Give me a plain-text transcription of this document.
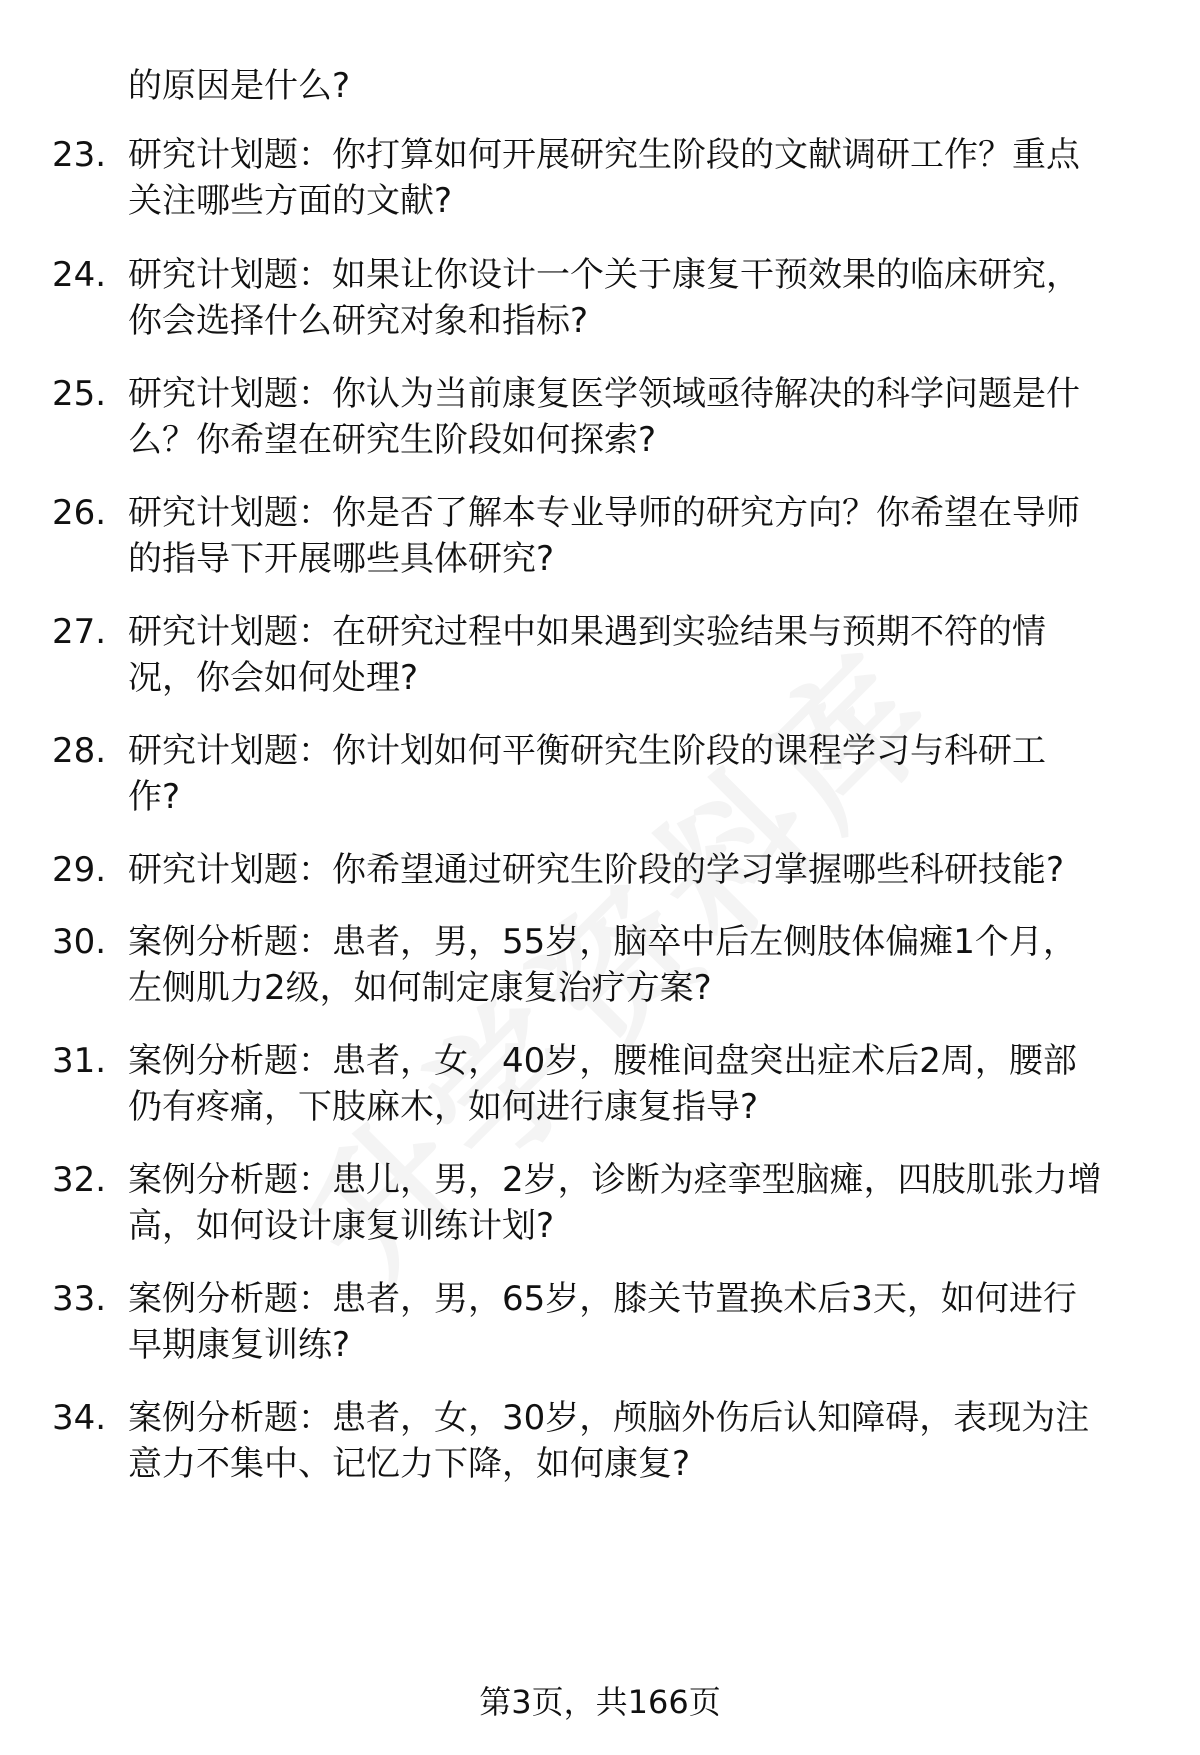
的原因是什么?
23. 研究计划题：你打算如何开展研究生阶段的文献调研工作？重点
关注哪些方面的文献?
24. 研究计划题：如果让你设计一个关于康复干预效果的临床研究，
你会选择什么研究对象和指标?
25. 研究计划题：你认为当前康复医学领域亟待解决的科学问题是什
么？你希望在研究生阶段如何探索?
26. 研究计划题：你是否了解本专业导师的研究方向？你希望在导师
的指导下开展哪些具体研究?
27. 研究计划题：在研究过程中如果遇到实验结果与预期不符的情
况，你会如何处理?
28. 研究计划题：你计划如何平衡研究生阶段的课程学习与科研工
作?
29. 研究计划题：你希望通过研究生阶段的学习掌握哪些科研技能?
30. 案例分析题：患者，男，55岁，脑卒中后左侧肢体偏瘫1个月，
左侧肌力2级，如何制定康复治疗方案?
31. 案例分析题：患者，女，40岁，腰椎间盘突出症术后2周，腰部
仍有疼痛，下肢麻木，如何进行康复指导?
32. 案例分析题：患儿，男，2岁，诊断为痉挛型脑瘫，四肢肌张力增
高，如何设计康复训练计划?
33. 案例分析题：患者，男，65岁，膝关节置换术后3天，如何进行
早期康复训练?
34. 案例分析题：患者，女，30岁，颅脑外伤后认知障碍，表现为注
意力不集中、记忆力下降，如何康复?
第3页，共166页
